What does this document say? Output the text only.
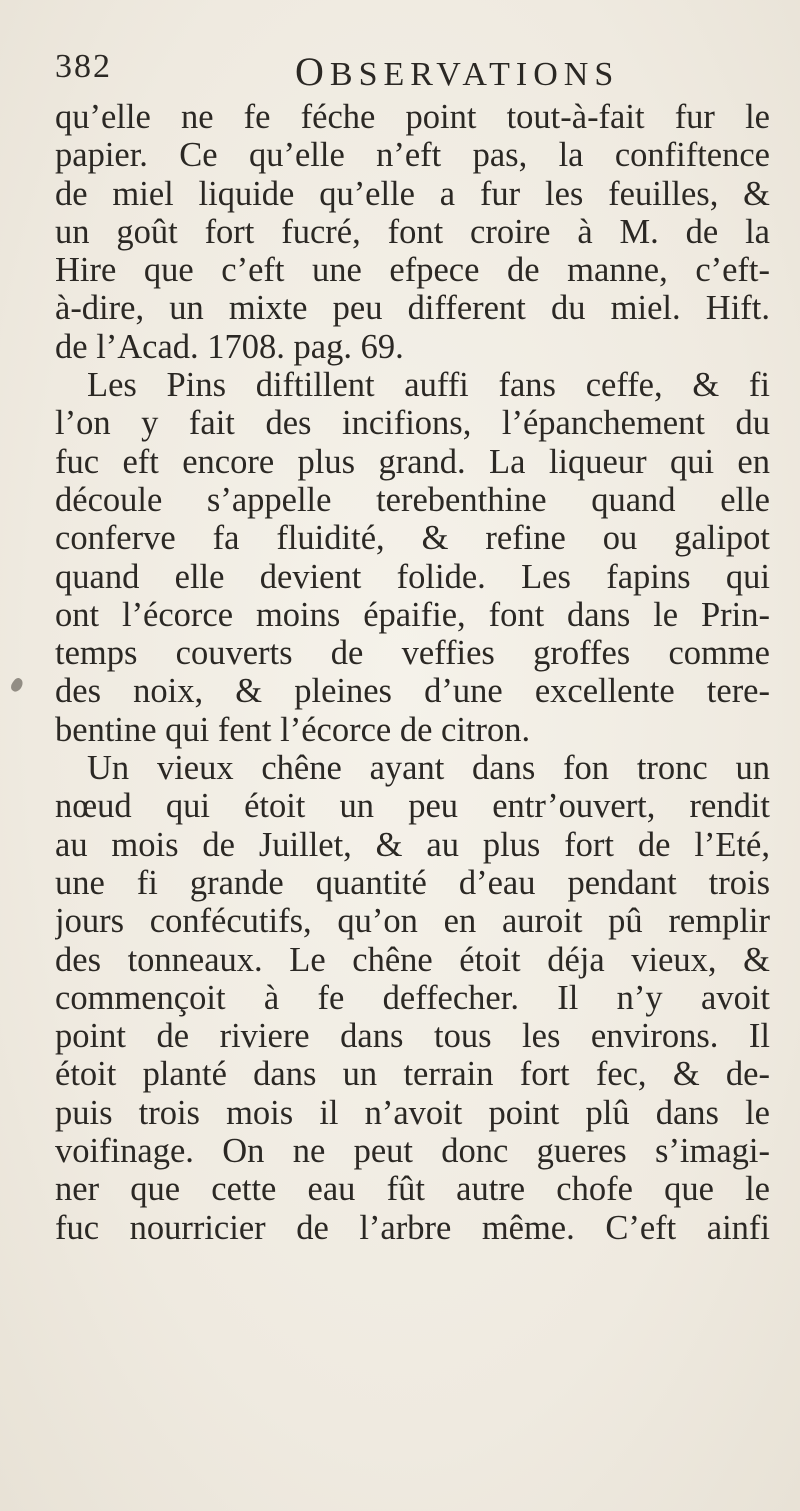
382	OBSERVATIONS
qu’elle ne fe féche point tout-à-fait fur le
papier. Ce qu’elle n’eft pas, la confiftence
de miel liquide qu’elle a fur les feuilles, &
un goût fort fucré, font croire à M. de la
Hire que c’eft une efpece de manne, c’eft-
à-dire, un mixte peu different du miel. Hift.
de l’Acad. 1708. pag. 69.
Les Pins diftillent auffi fans ceffe, & fi
l’on y fait des incifions, l’épanchement du
fuc eft encore plus grand. La liqueur qui en
découle s’appelle terebenthine quand elle
conferve fa fluidité, & refine ou galipot
quand elle devient folide. Les fapins qui
ont l’écorce moins épaifie, font dans le Prin-
temps couverts de veffies groffes comme
des noix, & pleines d’une excellente tere-
bentine qui fent l’écorce de citron.
Un vieux chêne ayant dans fon tronc un
nœud qui étoit un peu entr’ouvert, rendit
au mois de Juillet, & au plus fort de l’Eté,
une fi grande quantité d’eau pendant trois
jours confécutifs, qu’on en auroit pû remplir
des tonneaux. Le chêne étoit déja vieux, &
commençoit à fe deffecher. Il n’y avoit
point de riviere dans tous les environs. Il
étoit planté dans un terrain fort fec, & de-
puis trois mois il n’avoit point plû dans le
voifinage. On ne peut donc gueres s’imagi-
ner que cette eau fût autre chofe que le
fuc nourricier de l’arbre même. C’eft ainfi
